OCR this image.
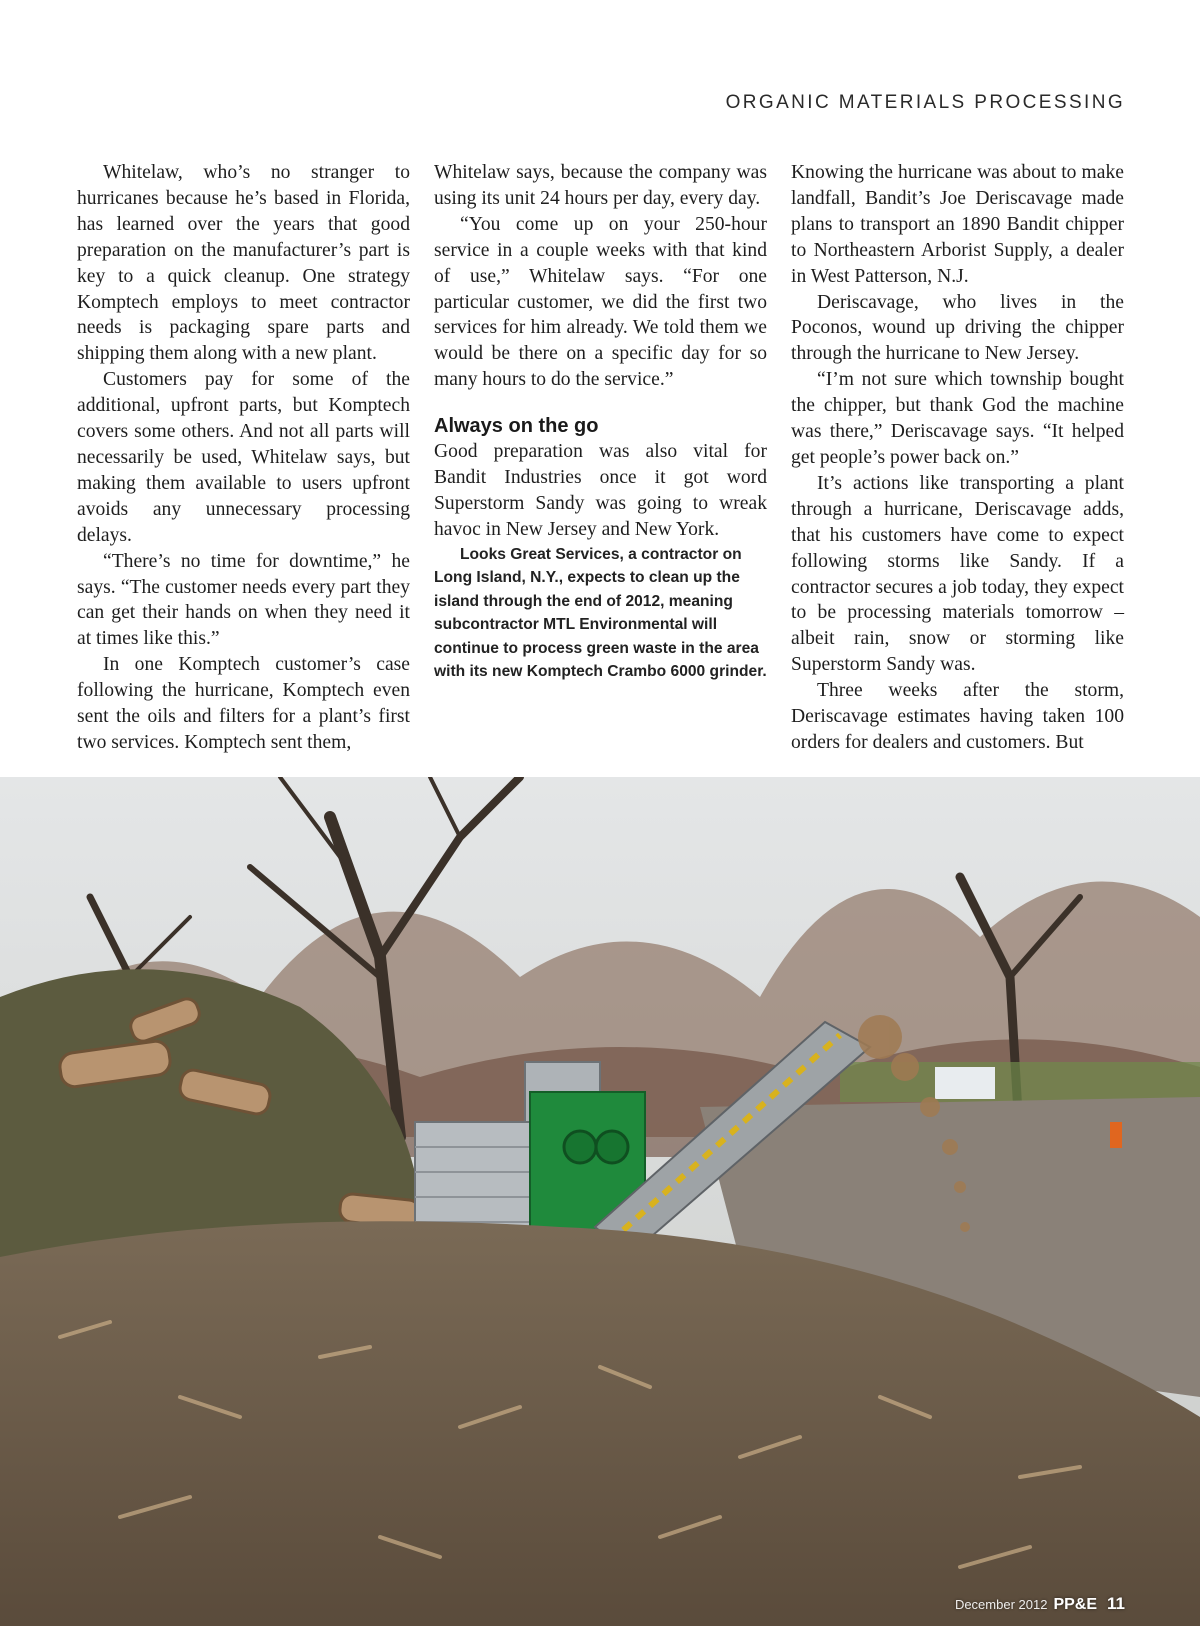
ORGANIC MATERIALS PROCESSING

Whitelaw, who’s no stranger to hurricanes because he’s based in Florida, has learned over the years that good preparation on the manufacturer’s part is key to a quick cleanup. One strategy Komptech employs to meet contractor needs is packaging spare parts and shipping them along with a new plant.

Customers pay for some of the additional, upfront parts, but Komptech covers some others. And not all parts will necessarily be used, Whitelaw says, but making them available to users upfront avoids any unnecessary processing delays.

“There’s no time for downtime,” he says. “The customer needs every part they can get their hands on when they need it at times like this.”

In one Komptech customer’s case following the hurricane, Komptech even sent the oils and filters for a plant’s first two services. Komptech sent them,

Whitelaw says, because the company was using its unit 24 hours per day, every day.

“You come up on your 250-hour service in a couple weeks with that kind of use,” Whitelaw says. “For one particular customer, we did the first two services for him already. We told them we would be there on a specific day for so many hours to do the service.”

Always on the go

Good preparation was also vital for Bandit Industries once it got word Superstorm Sandy was going to wreak havoc in New Jersey and New York.

Looks Great Services, a contractor on Long Island, N.Y., expects to clean up the island through the end of 2012, meaning subcontractor MTL Environmental will continue to process green waste in the area with its new Komptech Crambo 6000 grinder.

Knowing the hurricane was about to make landfall, Bandit’s Joe Deriscavage made plans to transport an 1890 Bandit chipper to Northeastern Arborist Supply, a dealer in West Patterson, N.J.

Deriscavage, who lives in the Poconos, wound up driving the chipper through the hurricane to New Jersey.

“I’m not sure which township bought the chipper, but thank God the machine was there,” Deriscavage says. “It helped get people’s power back on.”

It’s actions like transporting a plant through a hurricane, Deriscavage adds, that his customers have come to expect following storms like Sandy. If a contractor secures a job today, they expect to be processing materials tomorrow – albeit rain, snow or storming like Superstorm Sandy was.

Three weeks after the storm, Deriscavage estimates having taken 100 orders for dealers and customers. But

December 2012 PP&E 11
